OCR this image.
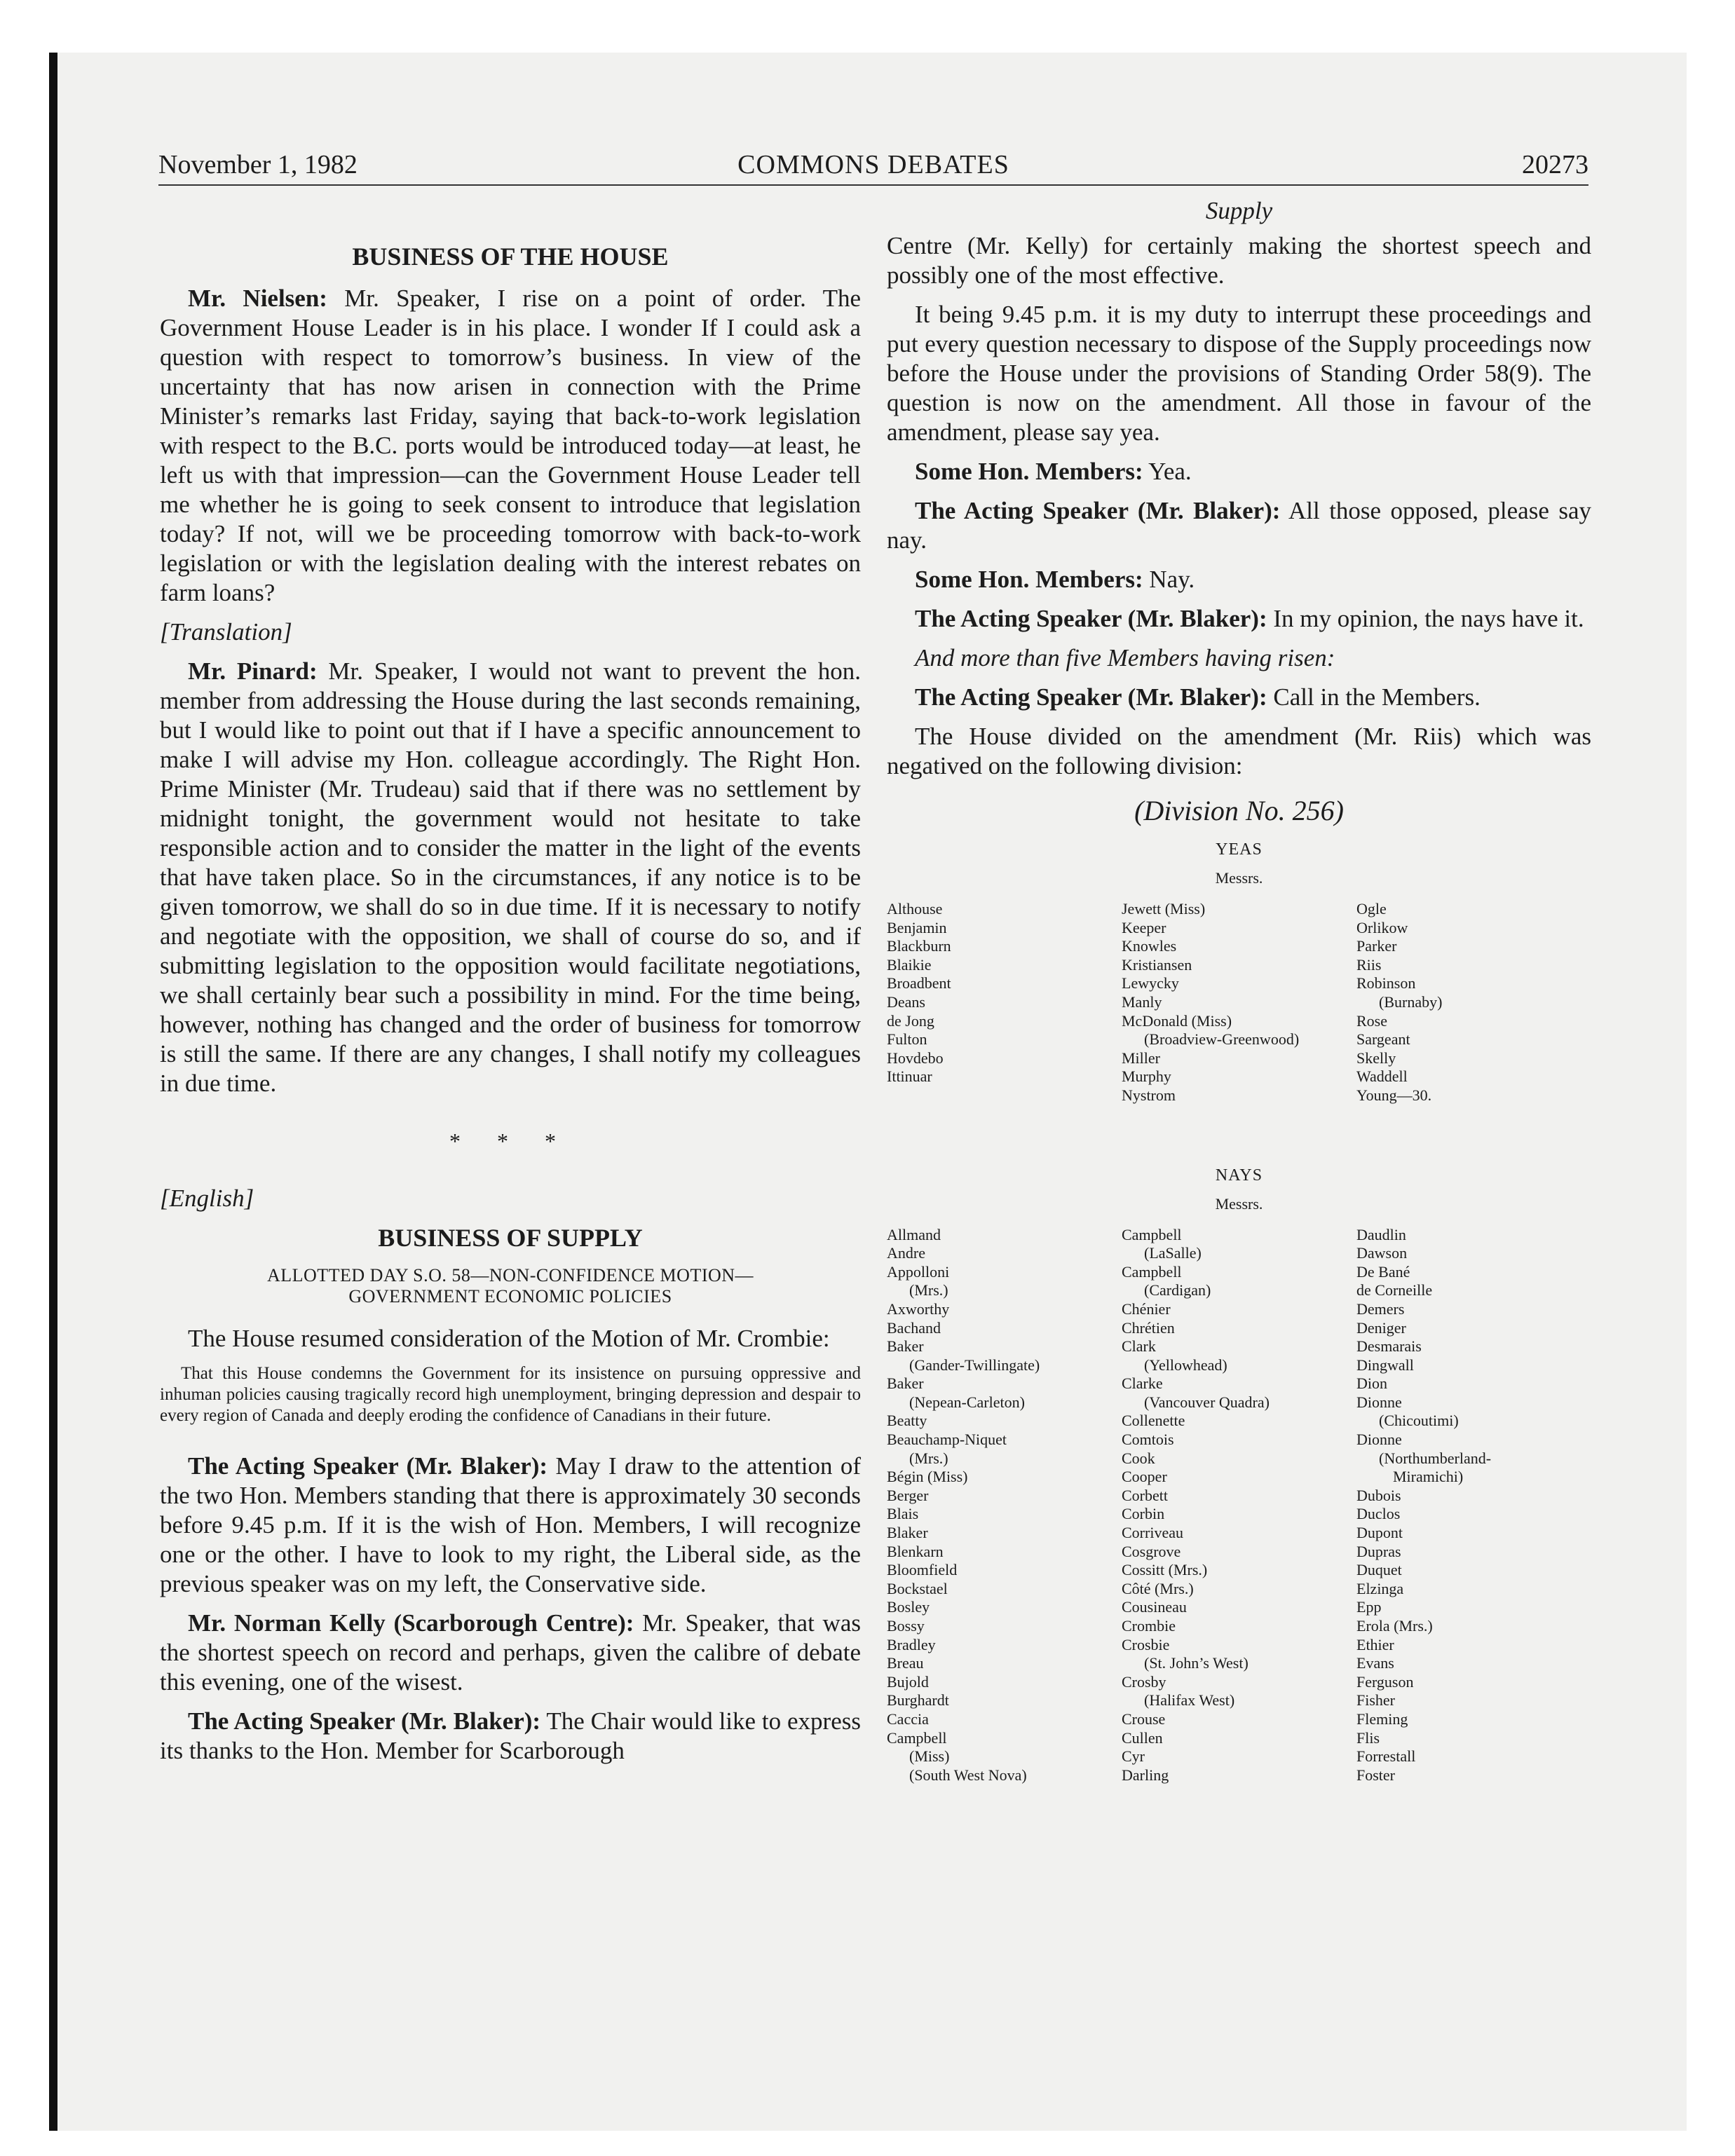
November 1, 1982	COMMONS DEBATES	20273
BUSINESS OF THE HOUSE

Mr. Nielsen: Mr. Speaker, I rise on a point of order. The Government House Leader is in his place. I wonder If I could ask a question with respect to tomorrow’s business. In view of the uncertainty that has now arisen in connection with the Prime Minister’s remarks last Friday, saying that back-to-work legislation with respect to the B.C. ports would be introduced today—at least, he left us with that impression—can the Government House Leader tell me whether he is going to seek consent to introduce that legislation today? If not, will we be proceeding tomorrow with back-to-work legislation or with the legislation dealing with the interest rebates on farm loans?

[Translation]

Mr. Pinard: Mr. Speaker, I would not want to prevent the hon. member from addressing the House during the last seconds remaining, but I would like to point out that if I have a specific announcement to make I will advise my Hon. colleague accordingly. The Right Hon. Prime Minister (Mr. Trudeau) said that if there was no settlement by midnight tonight, the government would not hesitate to take responsible action and to consider the matter in the light of the events that have taken place. So in the circumstances, if any notice is to be given tomorrow, we shall do so in due time. If it is necessary to notify and negotiate with the opposition, we shall of course do so, and if submitting legislation to the opposition would facilitate negotiations, we shall certainly bear such a possibility in mind. For the time being, however, nothing has changed and the order of business for tomorrow is still the same. If there are any changes, I shall notify my colleagues in due time.

* * *

[English]

BUSINESS OF SUPPLY
ALLOTTED DAY S.O. 58—NON-CONFIDENCE MOTION—
GOVERNMENT ECONOMIC POLICIES

The House resumed consideration of the Motion of Mr. Crombie:

That this House condemns the Government for its insistence on pursuing oppressive and inhuman policies causing tragically record high unemployment, bringing depression and despair to every region of Canada and deeply eroding the confidence of Canadians in their future.

The Acting Speaker (Mr. Blaker): May I draw to the attention of the two Hon. Members standing that there is approximately 30 seconds before 9.45 p.m. If it is the wish of Hon. Members, I will recognize one or the other. I have to look to my right, the Liberal side, as the previous speaker was on my left, the Conservative side.

Mr. Norman Kelly (Scarborough Centre): Mr. Speaker, that was the shortest speech on record and perhaps, given the calibre of debate this evening, one of the wisest.

The Acting Speaker (Mr. Blaker): The Chair would like to express its thanks to the Hon. Member for Scarborough

Supply

Centre (Mr. Kelly) for certainly making the shortest speech and possibly one of the most effective.

It being 9.45 p.m. it is my duty to interrupt these proceedings and put every question necessary to dispose of the Supply proceedings now before the House under the provisions of Standing Order 58(9). The question is now on the amendment. All those in favour of the amendment, please say yea.

Some Hon. Members: Yea.

The Acting Speaker (Mr. Blaker): All those opposed, please say nay.

Some Hon. Members: Nay.

The Acting Speaker (Mr. Blaker): In my opinion, the nays have it.

And more than five Members having risen:

The Acting Speaker (Mr. Blaker): Call in the Members.

The House divided on the amendment (Mr. Riis) which was negatived on the following division:

(Division No. 256)
YEAS
Messrs.
Althouse
Benjamin
Blackburn
Blaikie
Broadbent
Deans
de Jong
Fulton
Hovdebo
Ittinuar
Jewett (Miss)
Keeper
Knowles
Kristiansen
Lewycky
Manly
McDonald (Miss)
(Broadview-Greenwood)
Miller
Murphy
Nystrom
Ogle
Orlikow
Parker
Riis
Robinson
(Burnaby)
Rose
Sargeant
Skelly
Waddell
Young—30.
NAYS
Messrs.
Allmand
Andre
Appolloni
(Mrs.)
Axworthy
Bachand
Baker
(Gander-Twillingate)
Baker
(Nepean-Carleton)
Beatty
Beauchamp-Niquet
(Mrs.)
Bégin (Miss)
Berger
Blais
Blaker
Blenkarn
Bloomfield
Bockstael
Bosley
Bossy
Bradley
Breau
Bujold
Burghardt
Caccia
Campbell
(Miss)
(South West Nova)
Campbell
(LaSalle)
Campbell
(Cardigan)
Chénier
Chrétien
Clark
(Yellowhead)
Clarke
(Vancouver Quadra)
Collenette
Comtois
Cook
Cooper
Corbett
Corbin
Corriveau
Cosgrove
Cossitt (Mrs.)
Côté (Mrs.)
Cousineau
Crombie
Crosbie
(St. John’s West)
Crosby
(Halifax West)
Crouse
Cullen
Cyr
Darling
Daudlin
Dawson
De Bané
de Corneille
Demers
Deniger
Desmarais
Dingwall
Dion
Dionne
(Chicoutimi)
Dionne
(Northumberland-
Miramichi)
Dubois
Duclos
Dupont
Dupras
Duquet
Elzinga
Epp
Erola (Mrs.)
Ethier
Evans
Ferguson
Fisher
Fleming
Flis
Forrestall
Foster
